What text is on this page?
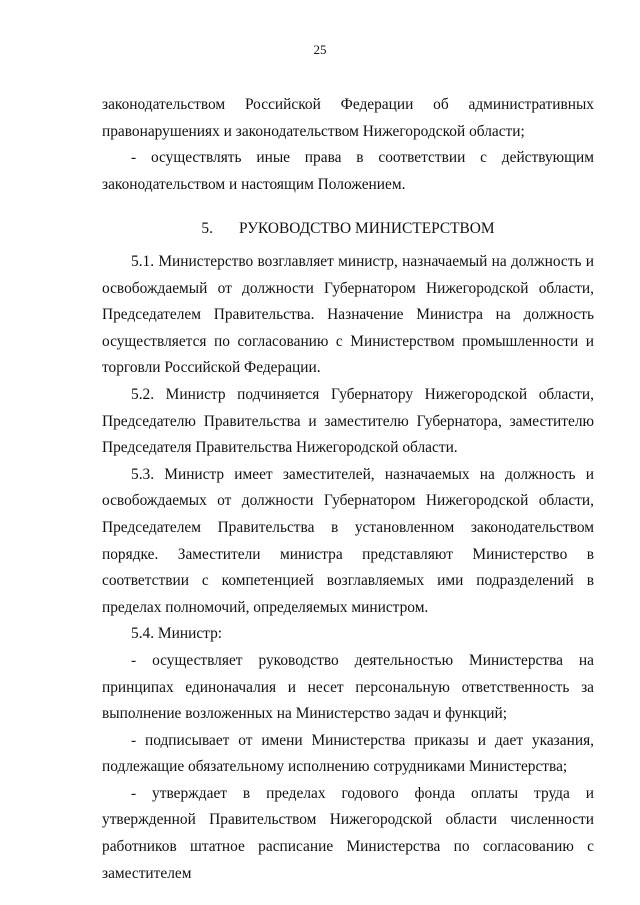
25

законодательством Российской Федерации об административных правонарушениях и законодательством Нижегородской области;

- осуществлять иные права в соответствии с действующим законодательством и настоящим Положением.

5. РУКОВОДСТВО МИНИСТЕРСТВОМ

5.1. Министерство возглавляет министр, назначаемый на должность и освобождаемый от должности Губернатором Нижегородской области, Председателем Правительства. Назначение Министра на должность осуществляется по согласованию с Министерством промышленности и торговли Российской Федерации.

5.2. Министр подчиняется Губернатору Нижегородской области, Председателю Правительства и заместителю Губернатора, заместителю Председателя Правительства Нижегородской области.

5.3. Министр имеет заместителей, назначаемых на должность и освобождаемых от должности Губернатором Нижегородской области, Председателем Правительства в установленном законодательством порядке. Заместители министра представляют Министерство в соответствии с компетенцией возглавляемых ими подразделений в пределах полномочий, определяемых министром.

5.4. Министр:

- осуществляет руководство деятельностью Министерства на принципах единоначалия и несет персональную ответственность за выполнение возложенных на Министерство задач и функций;

- подписывает от имени Министерства приказы и дает указания, подлежащие обязательному исполнению сотрудниками Министерства;

- утверждает в пределах годового фонда оплаты труда и утвержденной Правительством Нижегородской области численности работников штатное расписание Министерства по согласованию с заместителем
